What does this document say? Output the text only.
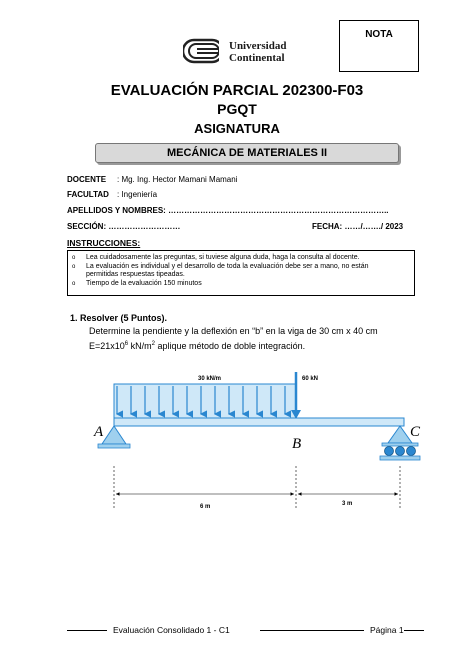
NOTA
Universidad
Continental
EVALUACIÓN PARCIAL 202300-F03
PGQT
ASIGNATURA
MECÁNICA DE MATERIALES II
DOCENTE : Mg. Ing. Hector Mamani Mamani
FACULTAD : Ingeniería
APELLIDOS Y NOMBRES: ………………………………………………………………………..
SECCIÓN: ………………………	FECHA: ……/……./ 2023
INSTRUCCIONES:
o Lea cuidadosamente las preguntas, si tuviese alguna duda, haga la consulta al docente.
o La evaluación es individual y el desarrollo de toda la evaluación debe ser a mano, no están permitidas respuestas tipeadas.
o Tiempo de la evaluación 150 minutos
1. Resolver (5 Puntos).
Determine la pendiente y la deflexión en “b” en la viga de 30 cm x 40 cm
$E=21x10^6$ $kN/m^2$ aplique método de doble integración.
30 kN/m	60 kN
A
B
C
6 m	3 m
Evaluación Consolidado 1 - C1	Página 1
